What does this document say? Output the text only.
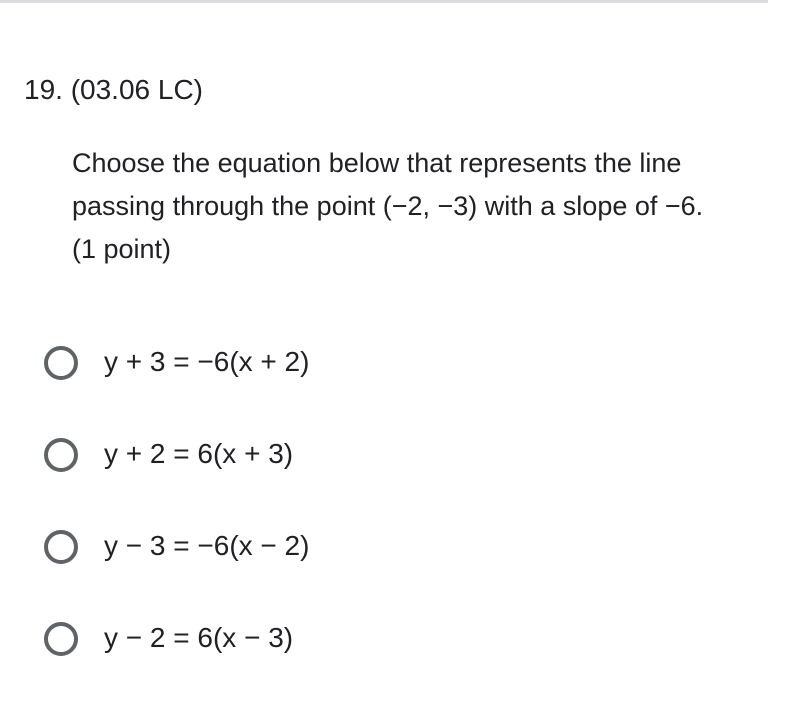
19. (03.06 LC)
Choose the equation below that represents the line
passing through the point (−2, −3) with a slope of −6.
(1 point)
y + 3 = −6(x + 2)
y + 2 = 6(x + 3)
y − 3 = −6(x − 2)
y − 2 = 6(x − 3)
